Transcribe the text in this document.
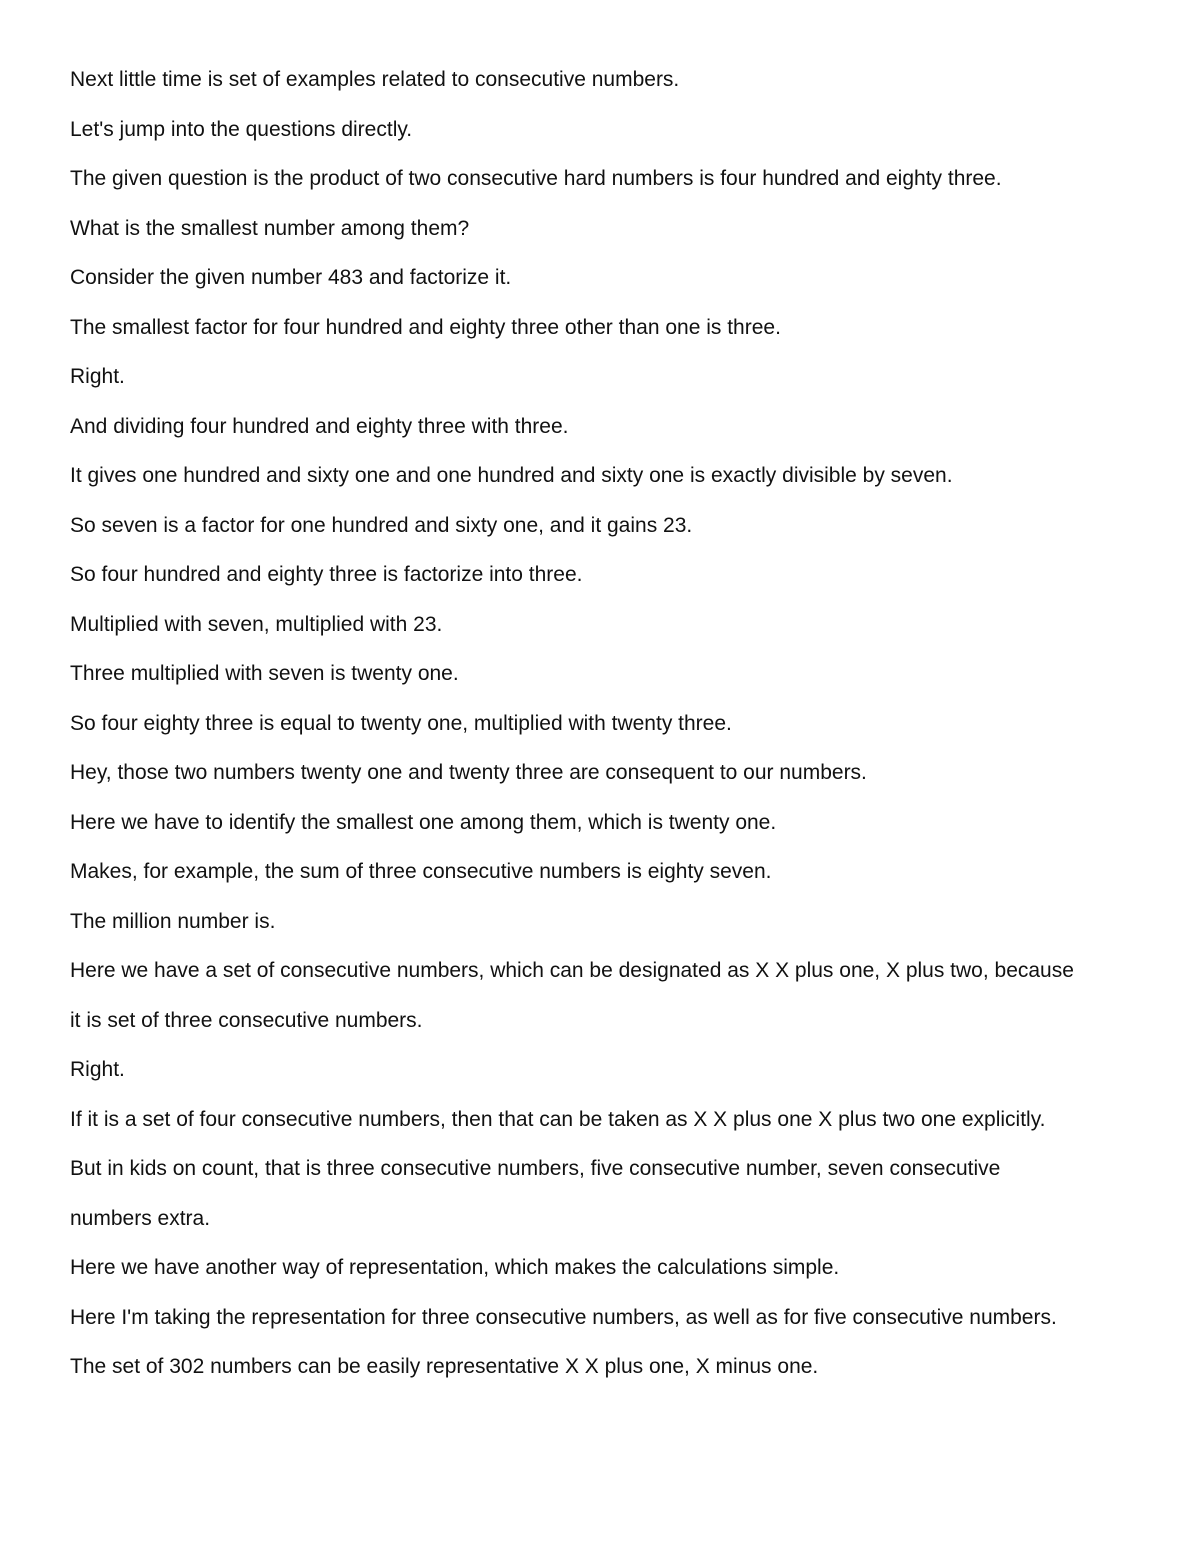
Next little time is set of examples related to consecutive numbers.

Let's jump into the questions directly.

The given question is the product of two consecutive hard numbers is four hundred and eighty three.

What is the smallest number among them?

Consider the given number 483 and factorize it.

The smallest factor for four hundred and eighty three other than one is three.

Right.

And dividing four hundred and eighty three with three.

It gives one hundred and sixty one and one hundred and sixty one is exactly divisible by seven.

So seven is a factor for one hundred and sixty one, and it gains 23.

So four hundred and eighty three is factorize into three.

Multiplied with seven, multiplied with 23.

Three multiplied with seven is twenty one.

So four eighty three is equal to twenty one, multiplied with twenty three.

Hey, those two numbers twenty one and twenty three are consequent to our numbers.

Here we have to identify the smallest one among them, which is twenty one.

Makes, for example, the sum of three consecutive numbers is eighty seven.

The million number is.

Here we have a set of consecutive numbers, which can be designated as X X plus one, X plus two, because

it is set of three consecutive numbers.

Right.

If it is a set of four consecutive numbers, then that can be taken as X X plus one X plus two one explicitly.

But in kids on count, that is three consecutive numbers, five consecutive number, seven consecutive

numbers extra.

Here we have another way of representation, which makes the calculations simple.

Here I'm taking the representation for three consecutive numbers, as well as for five consecutive numbers.

The set of 302 numbers can be easily representative X X plus one, X minus one.
